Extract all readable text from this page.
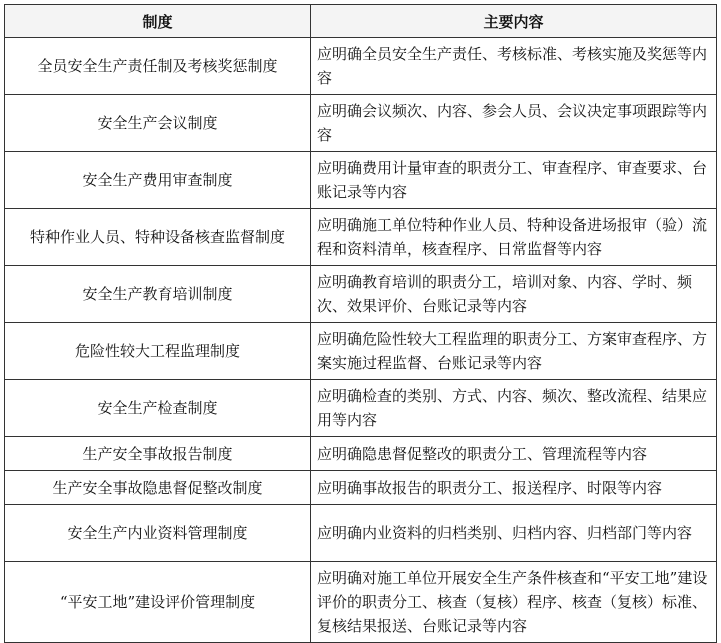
制度	主要内容
全员安全生产责任制及考核奖惩制度	应明确全员安全生产责任、考核标准、考核实施及奖惩等内容
安全生产会议制度	应明确会议频次、内容、参会人员、会议决定事项跟踪等内容
安全生产费用审查制度	应明确费用计量审查的职责分工、审查程序、审查要求、台账记录等内容
特种作业人员、特种设备核查监督制度	应明确施工单位特种作业人员、特种设备进场报审（验）流程和资料清单，核查程序、日常监督等内容
安全生产教育培训制度	应明确教育培训的职责分工，培训对象、内容、学时、频次、效果评价、台账记录等内容
危险性较大工程监理制度	应明确危险性较大工程监理的职责分工、方案审查程序、方案实施过程监督、台账记录等内容
安全生产检查制度	应明确检查的类别、方式、内容、频次、整改流程、结果应用等内容
生产安全事故报告制度	应明确隐患督促整改的职责分工、管理流程等内容
生产安全事故隐患督促整改制度	应明确事故报告的职责分工、报送程序、时限等内容
安全生产内业资料管理制度	应明确内业资料的归档类别、归档内容、归档部门等内容
“平安工地”建设评价管理制度	应明确对施工单位开展安全生产条件核查和“平安工地”建设评价的职责分工、核查（复核）程序、核查（复核）标准、复核结果报送、台账记录等内容
